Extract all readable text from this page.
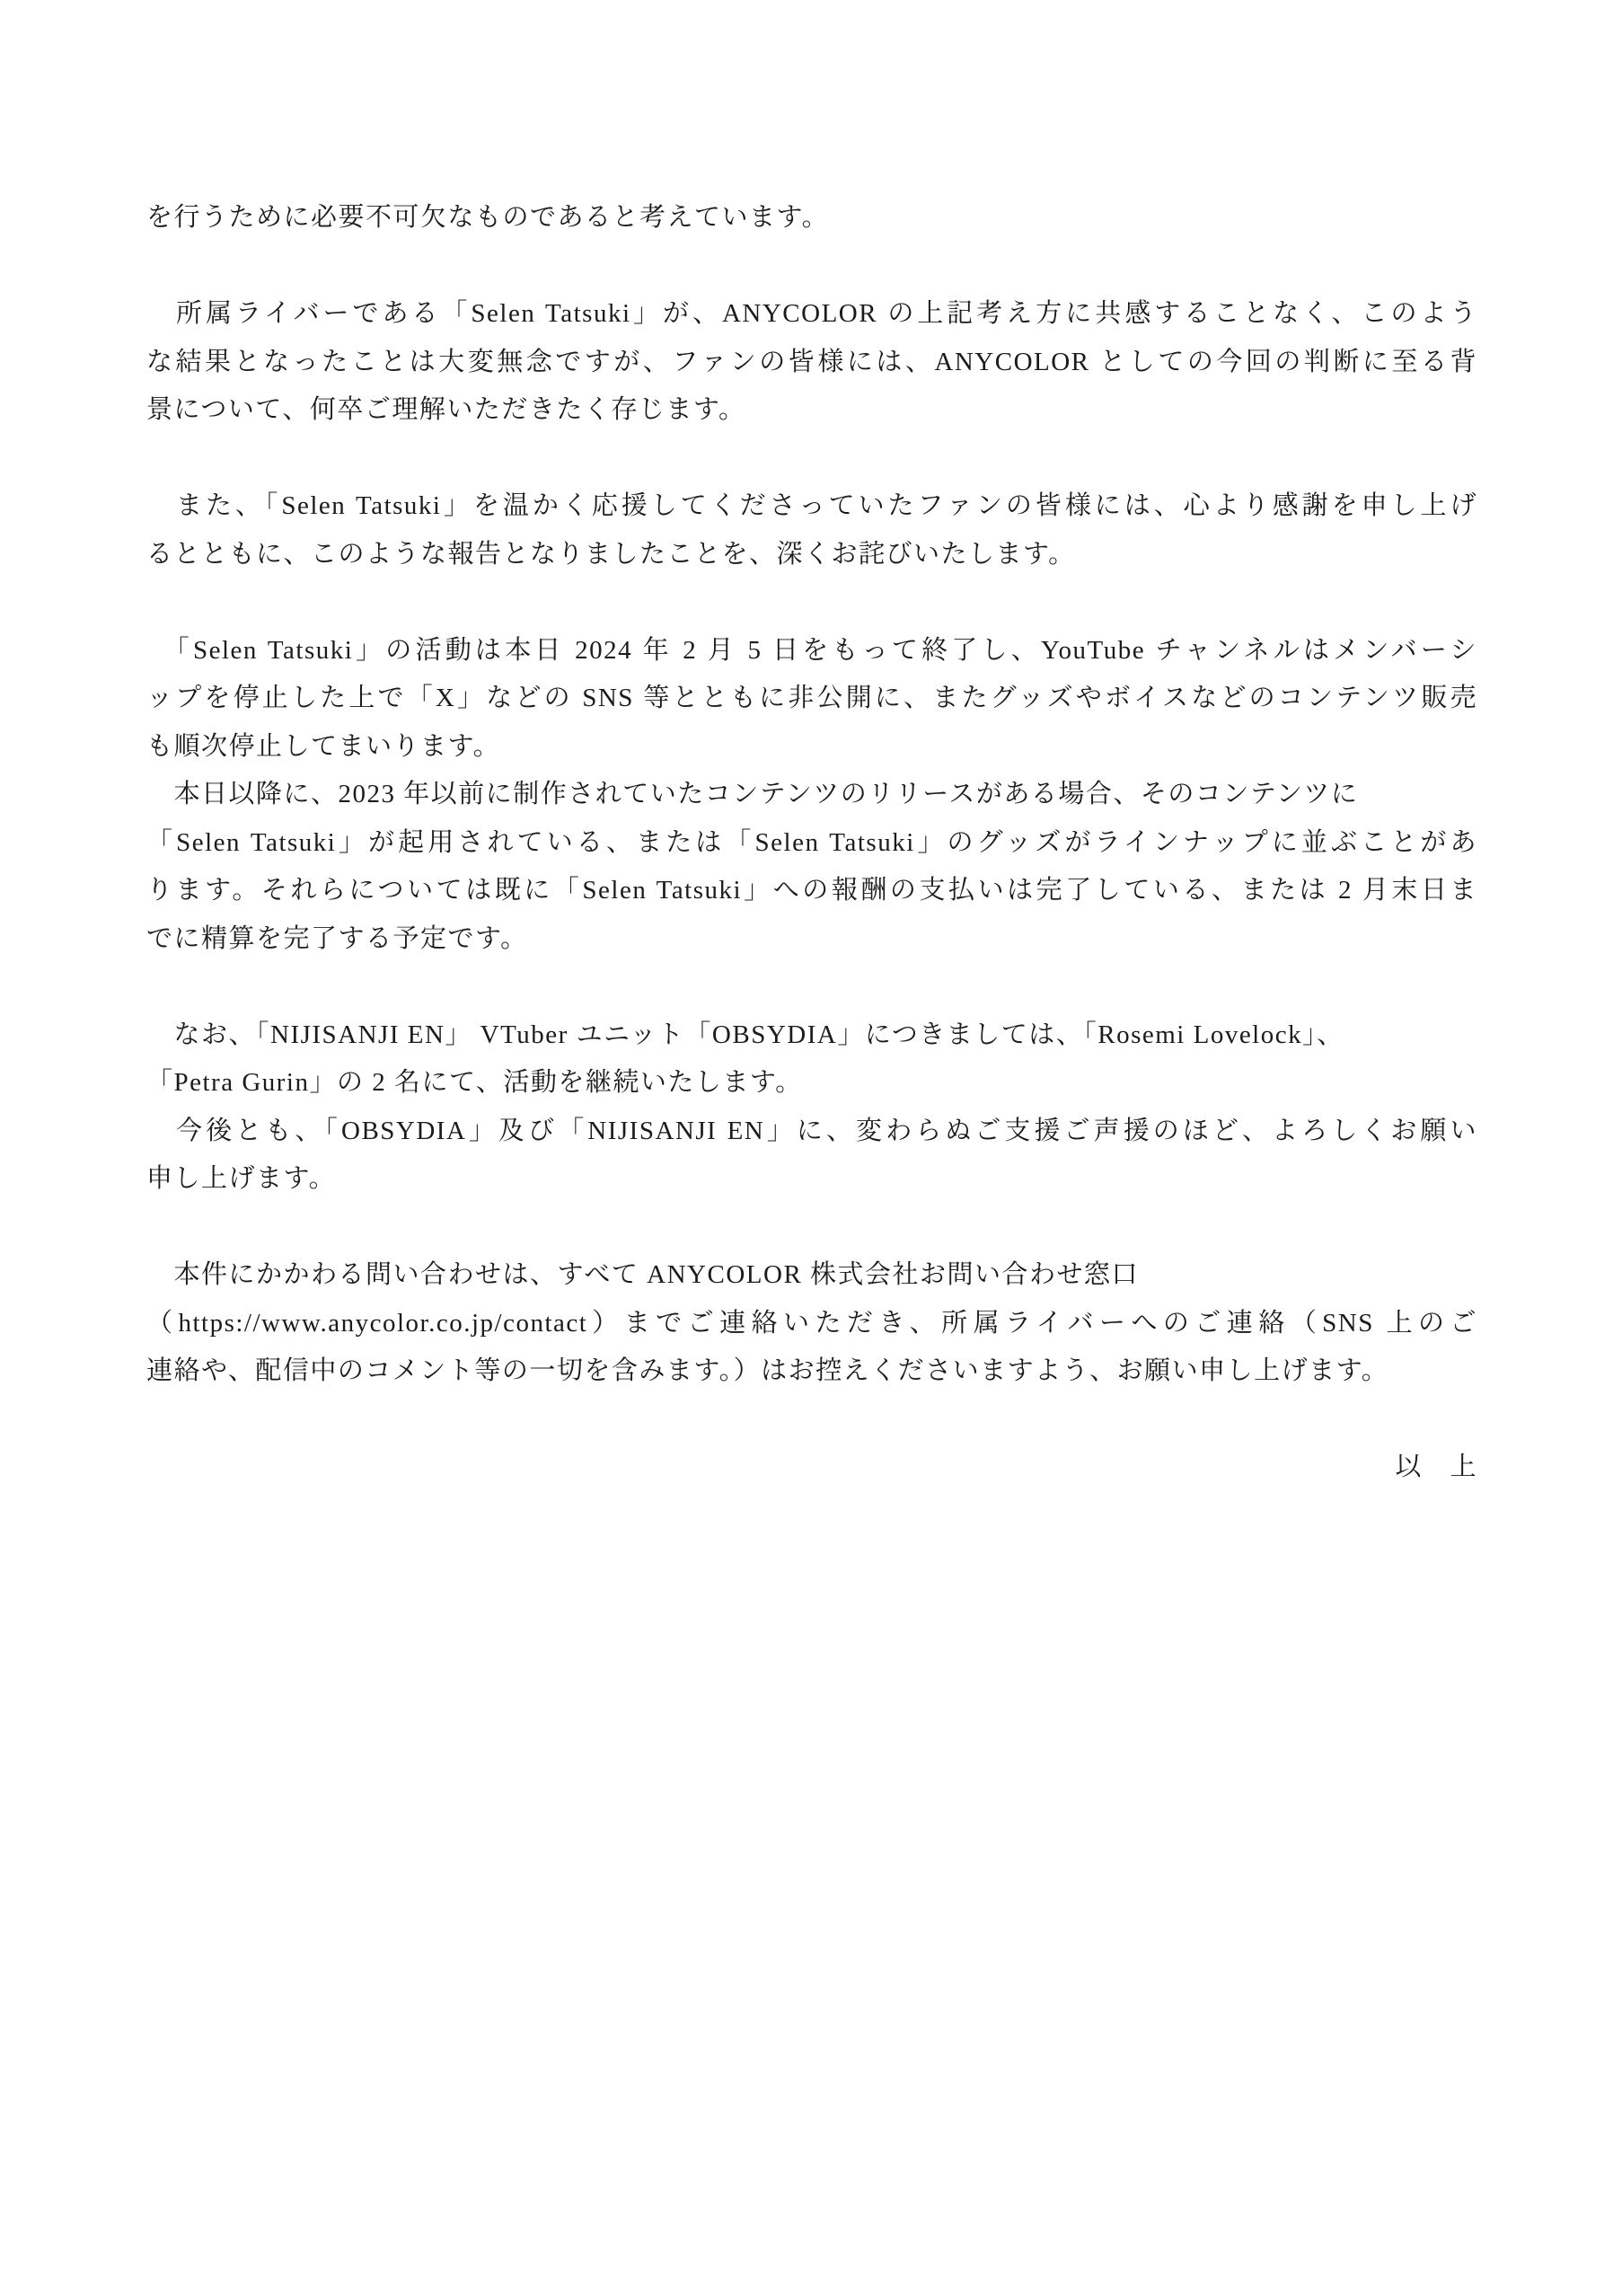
を行うために必要不可欠なものであると考えています。
　所属ライバーである「Selen Tatsuki」が、ANYCOLOR の上記考え方に共感することなく、このよう
な結果となったことは大変無念ですが、ファンの皆様には、ANYCOLOR としての今回の判断に至る背
景について、何卒ご理解いただきたく存じます。
　また、「Selen Tatsuki」を温かく応援してくださっていたファンの皆様には、心より感謝を申し上げ
るとともに、このような報告となりましたことを、深くお詫びいたします。
　「Selen Tatsuki」の活動は本日 2024 年 2 月 5 日をもって終了し、YouTube チャンネルはメンバーシ
ップを停止した上で「X」などの SNS 等とともに非公開に、またグッズやボイスなどのコンテンツ販売
も順次停止してまいります。
　本日以降に、2023 年以前に制作されていたコンテンツのリリースがある場合、そのコンテンツに
「Selen Tatsuki」が起用されている、または「Selen Tatsuki」のグッズがラインナップに並ぶことがあ
ります。それらについては既に「Selen Tatsuki」への報酬の支払いは完了している、または 2 月末日ま
でに精算を完了する予定です。
　なお、「NIJISANJI EN」 VTuber ユニット「OBSYDIA」につきましては、「Rosemi Lovelock」、
「Petra Gurin」の 2 名にて、活動を継続いたします。
　今後とも、「OBSYDIA」及び「NIJISANJI EN」に、変わらぬご支援ご声援のほど、よろしくお願い
申し上げます。
　本件にかかわる問い合わせは、すべて ANYCOLOR 株式会社お問い合わせ窓口
（https://www.anycolor.co.jp/contact）までご連絡いただき、所属ライバーへのご連絡（SNS 上のご
連絡や、配信中のコメント等の一切を含みます。）はお控えくださいますよう、お願い申し上げます。
以　上
